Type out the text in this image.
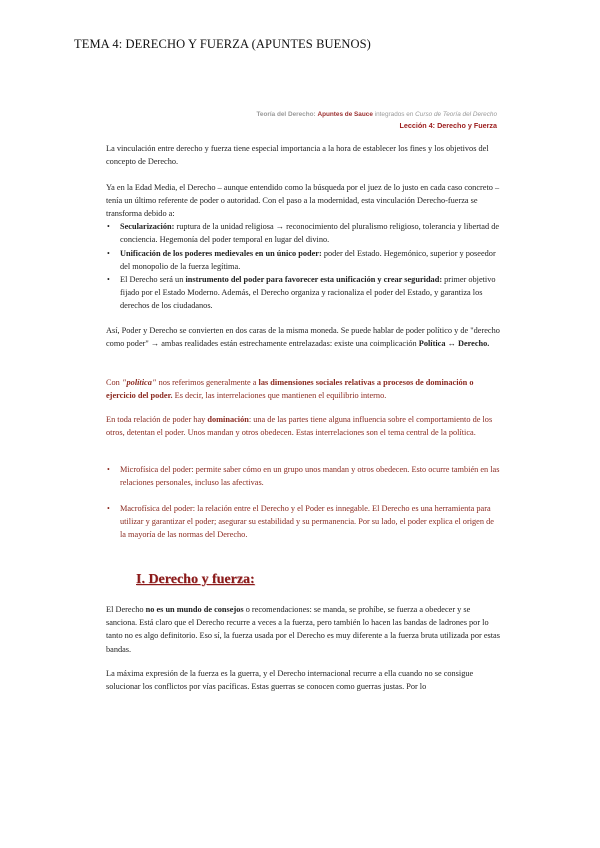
TEMA 4: DERECHO Y FUERZA (APUNTES BUENOS)
Teoría del Derecho: Apuntes de Sauce integrados en Curso de Teoría del Derecho
Lección 4: Derecho y Fuerza

La vinculación entre derecho y fuerza tiene especial importancia a la hora de establecer los fines y los objetivos del concepto de Derecho.

Ya en la Edad Media, el Derecho – aunque entendido como la búsqueda por el juez de lo justo en cada caso concreto – tenía un último referente de poder o autoridad. Con el paso a la modernidad, esta vinculación Derecho-fuerza se transforma debido a:

• Secularización: ruptura de la unidad religiosa → reconocimiento del pluralismo religioso, tolerancia y libertad de conciencia. Hegemonía del poder temporal en lugar del divino.
• Unificación de los poderes medievales en un único poder: poder del Estado. Hegemónico, superior y poseedor del monopolio de la fuerza legítima.
• El Derecho será un instrumento del poder para favorecer esta unificación y crear seguridad: primer objetivo fijado por el Estado Moderno. Además, el Derecho organiza y racionaliza el poder del Estado, y garantiza los derechos de los ciudadanos.

Así, Poder y Derecho se convierten en dos caras de la misma moneda. Se puede hablar de poder político y de "derecho como poder" → ambas realidades están estrechamente entrelazadas: existe una coimplicación Política ↔ Derecho.

Con "política" nos referimos generalmente a las dimensiones sociales relativas a procesos de dominación o ejercicio del poder. Es decir, las interrelaciones que mantienen el equilibrio interno.

En toda relación de poder hay dominación: una de las partes tiene alguna influencia sobre el comportamiento de los otros, detentan el poder. Unos mandan y otros obedecen. Estas interrelaciones son el tema central de la política.

• Microfísica del poder: permite saber cómo en un grupo unos mandan y otros obedecen. Esto ocurre también en las relaciones personales, incluso las afectivas.
• Macrofísica del poder: la relación entre el Derecho y el Poder es innegable. El Derecho es una herramienta para utilizar y garantizar el poder; asegurar su estabilidad y su permanencia. Por su lado, el poder explica el origen de la mayoría de las normas del Derecho.
I. Derecho y fuerza:

El Derecho no es un mundo de consejos o recomendaciones: se manda, se prohíbe, se fuerza a obedecer y se sanciona. Está claro que el Derecho recurre a veces a la fuerza, pero también lo hacen las bandas de ladrones por lo tanto no es algo definitorio. Eso sí, la fuerza usada por el Derecho es muy diferente a la fuerza bruta utilizada por estas bandas.

La máxima expresión de la fuerza es la guerra, y el Derecho internacional recurre a ella cuando no se consigue solucionar los conflictos por vías pacíficas. Estas guerras se conocen como guerras justas. Por lo
